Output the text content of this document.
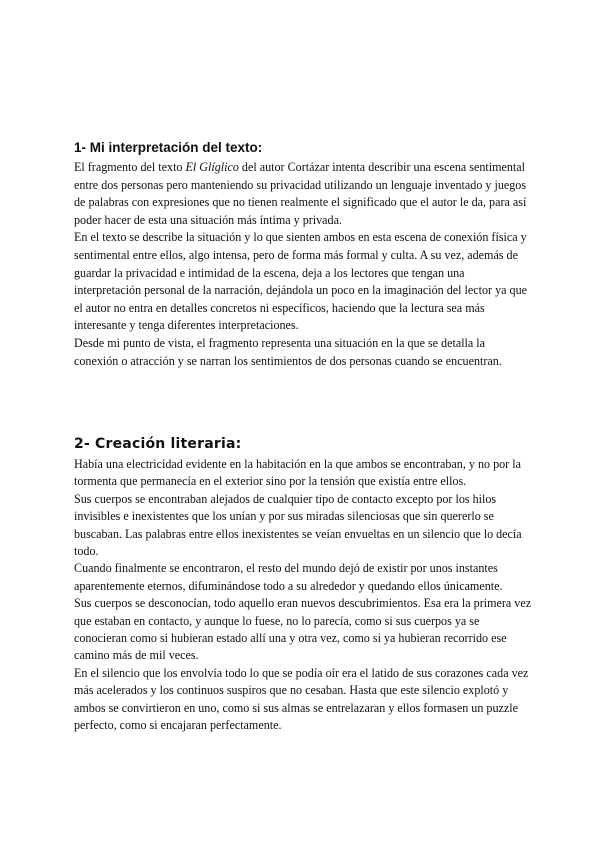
1- Mi interpretación del texto:

El fragmento del texto El Glíglico del autor Cortázar intenta describir una escena sentimental entre dos personas pero manteniendo su privacidad utilizando un lenguaje inventado y juegos de palabras con expresiones que no tienen realmente el significado que el autor le da, para así poder hacer de esta una situación más íntima y privada.

En el texto se describe la situación y lo que sienten ambos en esta escena de conexión física y sentimental entre ellos, algo intensa, pero de forma más formal y culta. A su vez, además de guardar la privacidad e intimidad de la escena, deja a los lectores que tengan una interpretación personal de la narración, dejándola un poco en la imaginación del lector ya que el autor no entra en detalles concretos ni específicos, haciendo que la lectura sea más interesante y tenga diferentes interpretaciones.

Desde mi punto de vista, el fragmento representa una situación en la que se detalla la conexión o atracción y se narran los sentimientos de dos personas cuando se encuentran.

2- Creación literaria:

Había una electricidad evidente en la habitación en la que ambos se encontraban, y no por la tormenta que permanecía en el exterior sino por la tensión que existía entre ellos.

Sus cuerpos se encontraban alejados de cualquier tipo de contacto excepto por los hilos invisibles e inexistentes que los unían y por sus miradas silenciosas que sin quererlo se buscaban. Las palabras entre ellos inexistentes se veían envueltas en un silencio que lo decía todo.

Cuando finalmente se encontraron, el resto del mundo dejó de existir por unos instantes aparentemente eternos, difuminándose todo a su alrededor y quedando ellos únicamente.

Sus cuerpos se desconocían, todo aquello eran nuevos descubrimientos. Esa era la primera vez que estaban en contacto, y aunque lo fuese, no lo parecía, como si sus cuerpos ya se conocieran como si hubieran estado allí una y otra vez, como si ya hubieran recorrido ese camino más de mil veces.

En el silencio que los envolvía todo lo que se podía oír era el latido de sus corazones cada vez más acelerados y los continuos suspiros que no cesaban. Hasta que este silencio explotó y ambos se convirtieron en uno, como si sus almas se entrelazaran y ellos formasen un puzzle perfecto, como si encajaran perfectamente.
